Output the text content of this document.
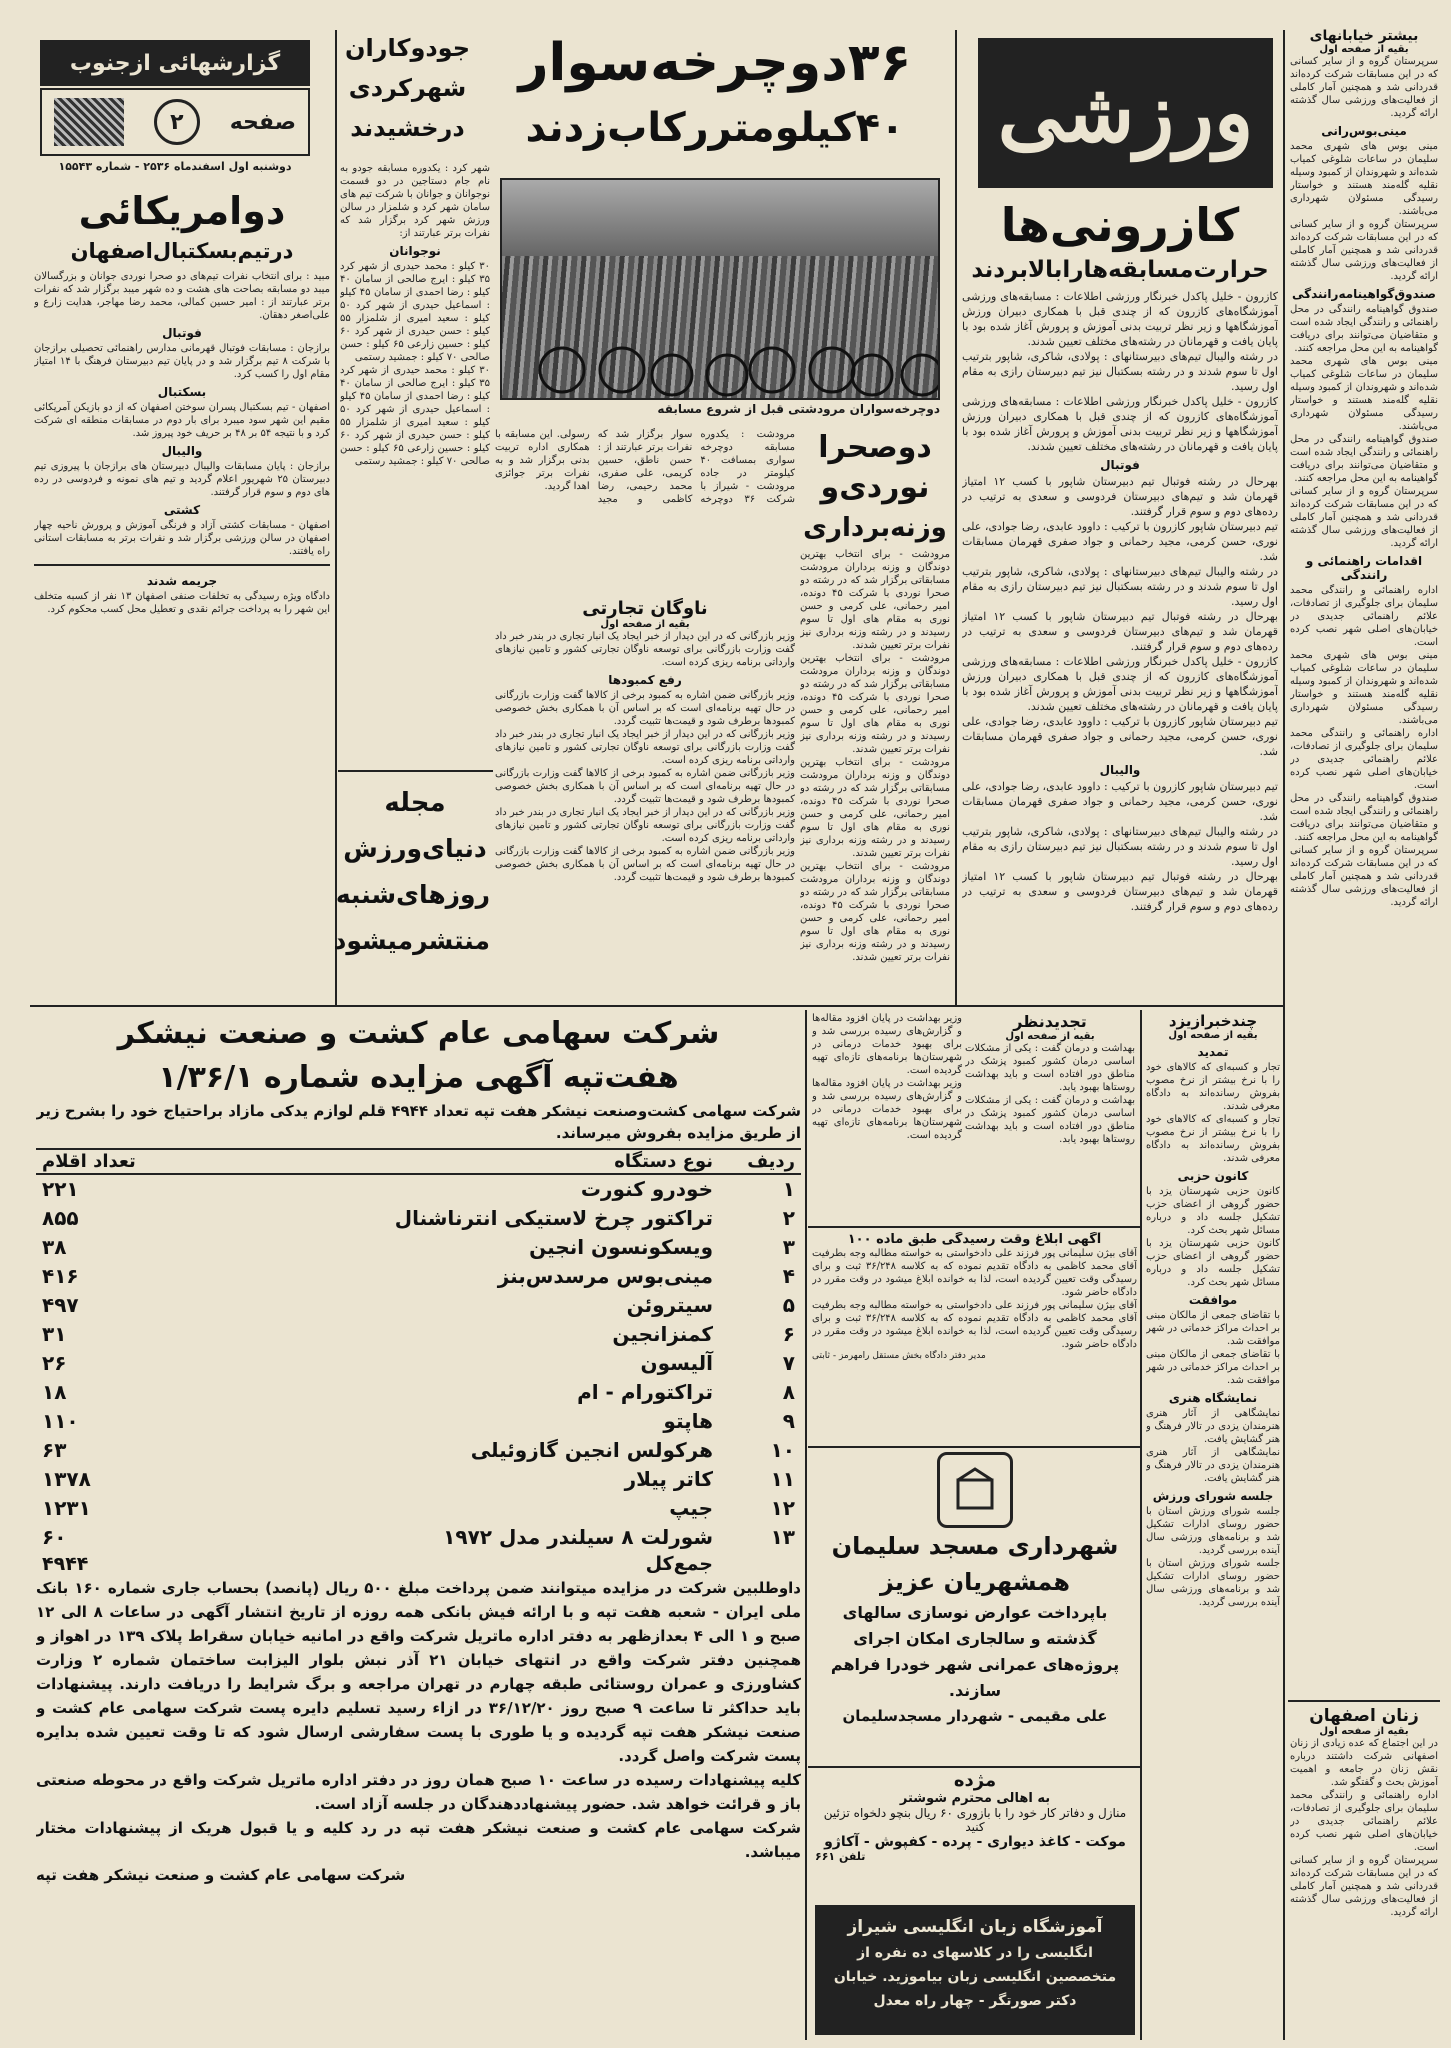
بیشتر خیابانهای
بقیه از صفحه اول
سرپرستان گروه و از سایر کسانی که در این مسابقات شرکت کرده‌اند قدردانی شد و همچنین آمار کاملی از فعالیت‌های ورزشی سال گذشته ارائه گردید.
مینی‌بوس‌رانی
مینی بوس های شهری محمد سلیمان در ساعات شلوغی کمیاب شده‌اند و شهروندان از کمبود وسیله نقلیه گله‌مند هستند و خواستار رسیدگی مسئولان شهرداری می‌باشند.
سرپرستان گروه و از سایر کسانی که در این مسابقات شرکت کرده‌اند قدردانی شد و همچنین آمار کاملی از فعالیت‌های ورزشی سال گذشته ارائه گردید.
صندوق‌گواهینامه‌رانندگی
صندوق گواهینامه رانندگی در محل راهنمائی و رانندگی ایجاد شده است و متقاضیان می‌توانند برای دریافت گواهینامه به این محل مراجعه کنند.
مینی بوس های شهری محمد سلیمان در ساعات شلوغی کمیاب شده‌اند و شهروندان از کمبود وسیله نقلیه گله‌مند هستند و خواستار رسیدگی مسئولان شهرداری می‌باشند.
صندوق گواهینامه رانندگی در محل راهنمائی و رانندگی ایجاد شده است و متقاضیان می‌توانند برای دریافت گواهینامه به این محل مراجعه کنند.
سرپرستان گروه و از سایر کسانی که در این مسابقات شرکت کرده‌اند قدردانی شد و همچنین آمار کاملی از فعالیت‌های ورزشی سال گذشته ارائه گردید.
اقدامات راهنمائی و رانندگی
اداره راهنمائی و رانندگی محمد سلیمان برای جلوگیری از تصادفات، علائم راهنمائی جدیدی در خیابان‌های اصلی شهر نصب کرده است.
مینی بوس های شهری محمد سلیمان در ساعات شلوغی کمیاب شده‌اند و شهروندان از کمبود وسیله نقلیه گله‌مند هستند و خواستار رسیدگی مسئولان شهرداری می‌باشند.
اداره راهنمائی و رانندگی محمد سلیمان برای جلوگیری از تصادفات، علائم راهنمائی جدیدی در خیابان‌های اصلی شهر نصب کرده است.
صندوق گواهینامه رانندگی در محل راهنمائی و رانندگی ایجاد شده است و متقاضیان می‌توانند برای دریافت گواهینامه به این محل مراجعه کنند.
سرپرستان گروه و از سایر کسانی که در این مسابقات شرکت کرده‌اند قدردانی شد و همچنین آمار کاملی از فعالیت‌های ورزشی سال گذشته ارائه گردید.
زنان اصفهان
بقیه از صفحه اول
در این اجتماع که عده زیادی از زنان اصفهانی شرکت داشتند درباره نقش زنان در جامعه و اهمیت آموزش بحث و گفتگو شد.
اداره راهنمائی و رانندگی محمد سلیمان برای جلوگیری از تصادفات، علائم راهنمائی جدیدی در خیابان‌های اصلی شهر نصب کرده است.
سرپرستان گروه و از سایر کسانی که در این مسابقات شرکت کرده‌اند قدردانی شد و همچنین آمار کاملی از فعالیت‌های ورزشی سال گذشته ارائه گردید.
ورزشی
کازرونی‌ها
حرارت‌مسابقه‌هارابالابردند
کازرون - خلیل پاکدل خبرنگار ورزشی اطلاعات : مسابقه‌های ورزشی آموزشگاه‌های کازرون که از چندی قبل با همکاری دبیران ورزش آموزشگاهها و زیر نظر تربیت بدنی آموزش و پرورش آغاز شده بود با پایان یافت و قهرمانان در رشته‌های مختلف تعیین شدند.
در رشته والیبال تیم‌های دبیرستانهای : پولادی، شاکری، شاپور بترتیب اول تا سوم شدند و در رشته بسکتبال نیز تیم دبیرستان رازی به مقام اول رسید.
کازرون - خلیل پاکدل خبرنگار ورزشی اطلاعات : مسابقه‌های ورزشی آموزشگاه‌های کازرون که از چندی قبل با همکاری دبیران ورزش آموزشگاهها و زیر نظر تربیت بدنی آموزش و پرورش آغاز شده بود با پایان یافت و قهرمانان در رشته‌های مختلف تعیین شدند.
فوتبال
بهرحال در رشته فوتبال تیم دبیرستان شاپور با کسب ۱۲ امتیاز قهرمان شد و تیم‌های دبیرستان فردوسی و سعدی به ترتیب در رده‌های دوم و سوم قرار گرفتند.
تیم دبیرستان شاپور کازرون با ترکیب : داوود عابدی، رضا جوادی، علی نوری، حسن کرمی، مجید رحمانی و جواد صفری قهرمان مسابقات شد.
در رشته والیبال تیم‌های دبیرستانهای : پولادی، شاکری، شاپور بترتیب اول تا سوم شدند و در رشته بسکتبال نیز تیم دبیرستان رازی به مقام اول رسید.
بهرحال در رشته فوتبال تیم دبیرستان شاپور با کسب ۱۲ امتیاز قهرمان شد و تیم‌های دبیرستان فردوسی و سعدی به ترتیب در رده‌های دوم و سوم قرار گرفتند.
کازرون - خلیل پاکدل خبرنگار ورزشی اطلاعات : مسابقه‌های ورزشی آموزشگاه‌های کازرون که از چندی قبل با همکاری دبیران ورزش آموزشگاهها و زیر نظر تربیت بدنی آموزش و پرورش آغاز شده بود با پایان یافت و قهرمانان در رشته‌های مختلف تعیین شدند.
تیم دبیرستان شاپور کازرون با ترکیب : داوود عابدی، رضا جوادی، علی نوری، حسن کرمی، مجید رحمانی و جواد صفری قهرمان مسابقات شد.
والیبال
تیم دبیرستان شاپور کازرون با ترکیب : داوود عابدی، رضا جوادی، علی نوری، حسن کرمی، مجید رحمانی و جواد صفری قهرمان مسابقات شد.
در رشته والیبال تیم‌های دبیرستانهای : پولادی، شاکری، شاپور بترتیب اول تا سوم شدند و در رشته بسکتبال نیز تیم دبیرستان رازی به مقام اول رسید.
بهرحال در رشته فوتبال تیم دبیرستان شاپور با کسب ۱۲ امتیاز قهرمان شد و تیم‌های دبیرستان فردوسی و سعدی به ترتیب در رده‌های دوم و سوم قرار گرفتند.
۳۶دوچرخه‌سوار
۴۰کیلومتررکاب‌زدند
دوچرخه‌سواران مرودشتی قبل از شروع مسابقه
جودوکاران
شهرکردی
درخشیدند
شهر کرد : یکدوره مسابقه جودو به نام جام دستاجین در دو قسمت نوجوانان و جوانان با شرکت تیم های سامان شهر کرد و شلمزار در سالن ورزش شهر کرد برگزار شد که نفرات برتر عبارتند از:
نوجوانان
۳۰ کیلو : محمد حیدری از شهر کرد ۳۵ کیلو : ایرج صالحی از سامان ۴۰ کیلو : رضا احمدی از سامان ۴۵ کیلو : اسماعیل حیدری از شهر کرد ۵۰ کیلو : سعید امیری از شلمزار ۵۵ کیلو : حسن حیدری از شهر کرد ۶۰ کیلو : حسین زارعی ۶۵ کیلو : حسن صالحی ۷۰ کیلو : جمشید رستمی
۳۰ کیلو : محمد حیدری از شهر کرد ۳۵ کیلو : ایرج صالحی از سامان ۴۰ کیلو : رضا احمدی از سامان ۴۵ کیلو : اسماعیل حیدری از شهر کرد ۵۰ کیلو : سعید امیری از شلمزار ۵۵ کیلو : حسن حیدری از شهر کرد ۶۰ کیلو : حسین زارعی ۶۵ کیلو : حسن صالحی ۷۰ کیلو : جمشید رستمی
مجله
دنیای‌ورزش
روزهای‌شنبه
منتشرمیشود
مرودشت : یکدوره مسابقه دوچرخه سواری بمسافت ۴۰ کیلومتر در جاده مرودشت - شیراز با شرکت ۳۶ دوچرخه سوار برگزار شد که نفرات برتر عبارتند از : حسن ناطق، حسین کریمی، علی صفری، محمد رحیمی، رضا کاظمی و مجید رسولی. این مسابقه با همکاری اداره تربیت بدنی برگزار شد و به نفرات برتر جوائزی اهدا گردید.
ناوگان تجارتی
بقیه از صفحه اول
وزیر بازرگانی که در این دیدار از خبر ایجاد یک انبار تجاری در بندر خبر داد گفت وزارت بازرگانی برای توسعه ناوگان تجارتی کشور و تامین نیازهای وارداتی برنامه ریزی کرده است.
رفع کمبودها
وزیر بازرگانی ضمن اشاره به کمبود برخی از کالاها گفت وزارت بازرگانی در حال تهیه برنامه‌ای است که بر اساس آن با همکاری بخش خصوصی کمبودها برطرف شود و قیمت‌ها تثبیت گردد.
وزیر بازرگانی که در این دیدار از خبر ایجاد یک انبار تجاری در بندر خبر داد گفت وزارت بازرگانی برای توسعه ناوگان تجارتی کشور و تامین نیازهای وارداتی برنامه ریزی کرده است.
وزیر بازرگانی ضمن اشاره به کمبود برخی از کالاها گفت وزارت بازرگانی در حال تهیه برنامه‌ای است که بر اساس آن با همکاری بخش خصوصی کمبودها برطرف شود و قیمت‌ها تثبیت گردد.
وزیر بازرگانی که در این دیدار از خبر ایجاد یک انبار تجاری در بندر خبر داد گفت وزارت بازرگانی برای توسعه ناوگان تجارتی کشور و تامین نیازهای وارداتی برنامه ریزی کرده است.
وزیر بازرگانی ضمن اشاره به کمبود برخی از کالاها گفت وزارت بازرگانی در حال تهیه برنامه‌ای است که بر اساس آن با همکاری بخش خصوصی کمبودها برطرف شود و قیمت‌ها تثبیت گردد.
دوصحرا
نوردی‌و
وزنه‌برداری
مرودشت - برای انتخاب بهترین دوندگان و وزنه برداران مرودشت مسابقاتی برگزار شد که در رشته دو صحرا نوردی با شرکت ۴۵ دونده، امیر رحمانی، علی کرمی و حسن نوری به مقام های اول تا سوم رسیدند و در رشته وزنه برداری نیز نفرات برتر تعیین شدند.
مرودشت - برای انتخاب بهترین دوندگان و وزنه برداران مرودشت مسابقاتی برگزار شد که در رشته دو صحرا نوردی با شرکت ۴۵ دونده، امیر رحمانی، علی کرمی و حسن نوری به مقام های اول تا سوم رسیدند و در رشته وزنه برداری نیز نفرات برتر تعیین شدند.
مرودشت - برای انتخاب بهترین دوندگان و وزنه برداران مرودشت مسابقاتی برگزار شد که در رشته دو صحرا نوردی با شرکت ۴۵ دونده، امیر رحمانی، علی کرمی و حسن نوری به مقام های اول تا سوم رسیدند و در رشته وزنه برداری نیز نفرات برتر تعیین شدند.
مرودشت - برای انتخاب بهترین دوندگان و وزنه برداران مرودشت مسابقاتی برگزار شد که در رشته دو صحرا نوردی با شرکت ۴۵ دونده، امیر رحمانی، علی کرمی و حسن نوری به مقام های اول تا سوم رسیدند و در رشته وزنه برداری نیز نفرات برتر تعیین شدند.
گزارشهائی ازجنوب
صفحه
۲
دوشنبه اول اسفندماه ۲۵۳۶ - شماره ۱۵۵۴۳
دوامریکائی
درتیم‌بسکتبال‌اصفهان
مبید : برای انتخاب نفرات تیم‌های دو صحرا نوردی جوانان و بزرگسالان میبد دو مسابقه بصاحت های هشت و ده شهر میبد برگزار شد که نفرات برتر عبارتند از : امیر حسین کمالی، محمد رضا مهاجر، هدایت زارع و علی‌اصغر دهقان.
فوتبال
برازجان : مسابقات فوتبال قهرمانی مدارس راهنمائی تحصیلی برازجان با شرکت ۸ تیم برگزار شد و در پایان تیم دبیرستان فرهنگ با ۱۴ امتیاز مقام اول را کسب کرد.
بسکتبال
اصفهان - تیم بسکتبال پسران سوختن اصفهان که از دو بازیکن آمریکائی مقیم این شهر سود میبرد برای بار دوم در مسابقات منطقه ای شرکت کرد و با نتیجه ۵۴ بر ۴۸ بر حریف خود پیروز شد.
والیبال
برازجان : پایان مسابقات والیبال دبیرستان های برازجان با پیروزی تیم دبیرستان ۲۵ شهریور اعلام گردید و تیم های نمونه و فردوسی در رده های دوم و سوم قرار گرفتند.
کشتی
اصفهان - مسابقات کشتی آزاد و فرنگی آموزش و پرورش ناحیه چهار اصفهان در سالن ورزشی برگزار شد و نفرات برتر به مسابقات استانی راه یافتند.
جریمه شدند
دادگاه ویژه رسیدگی به تخلفات صنفی اصفهان ۱۳ نفر از کسبه متخلف این شهر را به پرداخت جرائم نقدی و تعطیل محل کسب محکوم کرد.
شرکت سهامی عام کشت و صنعت نیشکر
هفت‌تپه آگهی مزایده شماره ۱/۳۶/۱
شرکت سهامی کشت‌وصنعت نیشکر هفت تپه تعداد ۴۹۴۴ قلم لوازم یدکی مازاد براحتیاج خود را بشرح زیر از طریق مزایده بفروش میرساند.
ردیف	نوع دستگاه	تعداد اقلام
۱	خودرو کنورت	۲۲۱
۲	تراکتور چرخ لاستیکی انترناشنال	۸۵۵
۳	ویسکونسون انجین	۳۸
۴	مینی‌بوس مرسدس‌بنز	۴۱۶
۵	سیتروئن	۴۹۷
۶	کمنزانجین	۳۱
۷	آلیسون	۲۶
۸	تراکتورام - ام	۱۸
۹	هاپتو	۱۱۰
۱۰	هرکولس انجین گازوئیلی	۶۳
۱۱	کاتر پیلار	۱۳۷۸
۱۲	جیپ	۱۲۳۱
۱۳	شورلت ۸ سیلندر مدل ۱۹۷۲	۶۰
	جمع‌کل	۴۹۴۴
داوطلبین شرکت در مزایده میتوانند ضمن پرداخت مبلغ ۵۰۰ ریال (پانصد) بحساب جاری شماره ۱۶۰ بانک ملی ایران - شعبه هفت تپه و با ارائه فیش بانکی همه روزه از تاریخ انتشار آگهی در ساعات ۸ الی ۱۲ صبح و ۱ الی ۴ بعدازظهر به دفتر اداره ماتریل شرکت واقع در امانیه خیابان سقراط پلاک ۱۳۹ در اهواز و همچنین دفتر شرکت واقع در انتهای خیابان ۲۱ آذر نبش بلوار الیزابت ساختمان شماره ۲ وزارت کشاورزی و عمران روستائی طبقه چهارم در تهران مراجعه و برگ شرایط را دریافت دارند. پیشنهادات باید حداکثر تا ساعت ۹ صبح روز ۳۶/۱۲/۲۰ در ازاء رسید تسلیم دایره پست شرکت سهامی عام کشت و صنعت نیشکر هفت تپه گردیده و یا طوری با پست سفارشی ارسال شود که تا وقت تعیین شده بدایره پست شرکت واصل گردد.
کلیه پیشنهادات رسیده در ساعت ۱۰ صبح همان روز در دفتر اداره ماتریل شرکت واقع در محوطه صنعتی باز و قرائت خواهد شد. حضور پیشنهاددهندگان در جلسه آزاد است.
شرکت سهامی عام کشت و صنعت نیشکر هفت تپه در رد کلیه و یا قبول هریک از پیشنهادات مختار میباشد.
شرکت سهامی عام کشت و صنعت نیشکر هفت تپه
وزیر بهداشت در پایان افزود مقاله‌ها و گزارش‌های رسیده بررسی شد و برای بهبود خدمات درمانی در شهرستان‌ها برنامه‌های تازه‌ای تهیه گردیده است.
وزیر بهداشت در پایان افزود مقاله‌ها و گزارش‌های رسیده بررسی شد و برای بهبود خدمات درمانی در شهرستان‌ها برنامه‌های تازه‌ای تهیه گردیده است.
تجدیدنظر
بقیه از صفحه اول
بهداشت و درمان گفت : یکی از مشکلات اساسی درمان کشور کمبود پزشک در مناطق دور افتاده است و باید بهداشت روستاها بهبود یابد.
بهداشت و درمان گفت : یکی از مشکلات اساسی درمان کشور کمبود پزشک در مناطق دور افتاده است و باید بهداشت روستاها بهبود یابد.
آگهی ابلاغ وقت رسیدگی طبق ماده ۱۰۰
آقای بیژن سلیمانی پور فرزند علی دادخواستی به خواسته مطالبه وجه بطرفیت آقای محمد کاظمی به دادگاه تقدیم نموده که به کلاسه ۳۶/۲۴۸ ثبت و برای رسیدگی وقت تعیین گردیده است، لذا به خوانده ابلاغ میشود در وقت مقرر در دادگاه حاضر شود.
آقای بیژن سلیمانی پور فرزند علی دادخواستی به خواسته مطالبه وجه بطرفیت آقای محمد کاظمی به دادگاه تقدیم نموده که به کلاسه ۳۶/۲۴۸ ثبت و برای رسیدگی وقت تعیین گردیده است، لذا به خوانده ابلاغ میشود در وقت مقرر در دادگاه حاضر شود.
مدیر دفتر دادگاه بخش مستقل رامهرمز - ثابتی
شهرداری مسجد سلیمان
همشهریان عزیز
باپرداخت عوارض نوسازی سالهای گذشته و سالجاری امکان اجرای پروژه‌های عمرانی شهر خودرا فراهم سازند.
علی مقیمی - شهردار مسجدسلیمان
مژده
به اهالی محترم شوشتر
منازل و دفاتر کار خود را با بازوری ۶۰ ریال بنچو دلخواه تزئین کنید
موکت - کاغذ دیواری - پرده - کفپوش - آکاژو
تلفن ۶۶۱
آموزشگاه زبان انگلیسی شیراز
انگلیسی را در کلاسهای ده نفره از متخصصین انگلیسی زبان بیاموزید. خیابان دکتر صورتگر - چهار راه معدل
چندخبرازیزد
بقیه از صفحه اول
تمدید
تجار و کسبه‌ای که کالاهای خود را با نرخ بیشتر از نرخ مصوب بفروش رسانده‌اند به دادگاه معرفی شدند.
تجار و کسبه‌ای که کالاهای خود را با نرخ بیشتر از نرخ مصوب بفروش رسانده‌اند به دادگاه معرفی شدند.
کانون حزبی
کانون حزبی شهرستان یزد با حضور گروهی از اعضای حزب تشکیل جلسه داد و درباره مسائل شهر بحث کرد.
کانون حزبی شهرستان یزد با حضور گروهی از اعضای حزب تشکیل جلسه داد و درباره مسائل شهر بحث کرد.
موافقت
با تقاضای جمعی از مالکان مبنی بر احداث مراکز خدماتی در شهر موافقت شد.
با تقاضای جمعی از مالکان مبنی بر احداث مراکز خدماتی در شهر موافقت شد.
نمایشگاه هنری
نمایشگاهی از آثار هنری هنرمندان یزدی در تالار فرهنگ و هنر گشایش یافت.
نمایشگاهی از آثار هنری هنرمندان یزدی در تالار فرهنگ و هنر گشایش یافت.
جلسه شورای ورزش
جلسه شورای ورزش استان با حضور روسای ادارات تشکیل شد و برنامه‌های ورزشی سال آینده بررسی گردید.
جلسه شورای ورزش استان با حضور روسای ادارات تشکیل شد و برنامه‌های ورزشی سال آینده بررسی گردید.
